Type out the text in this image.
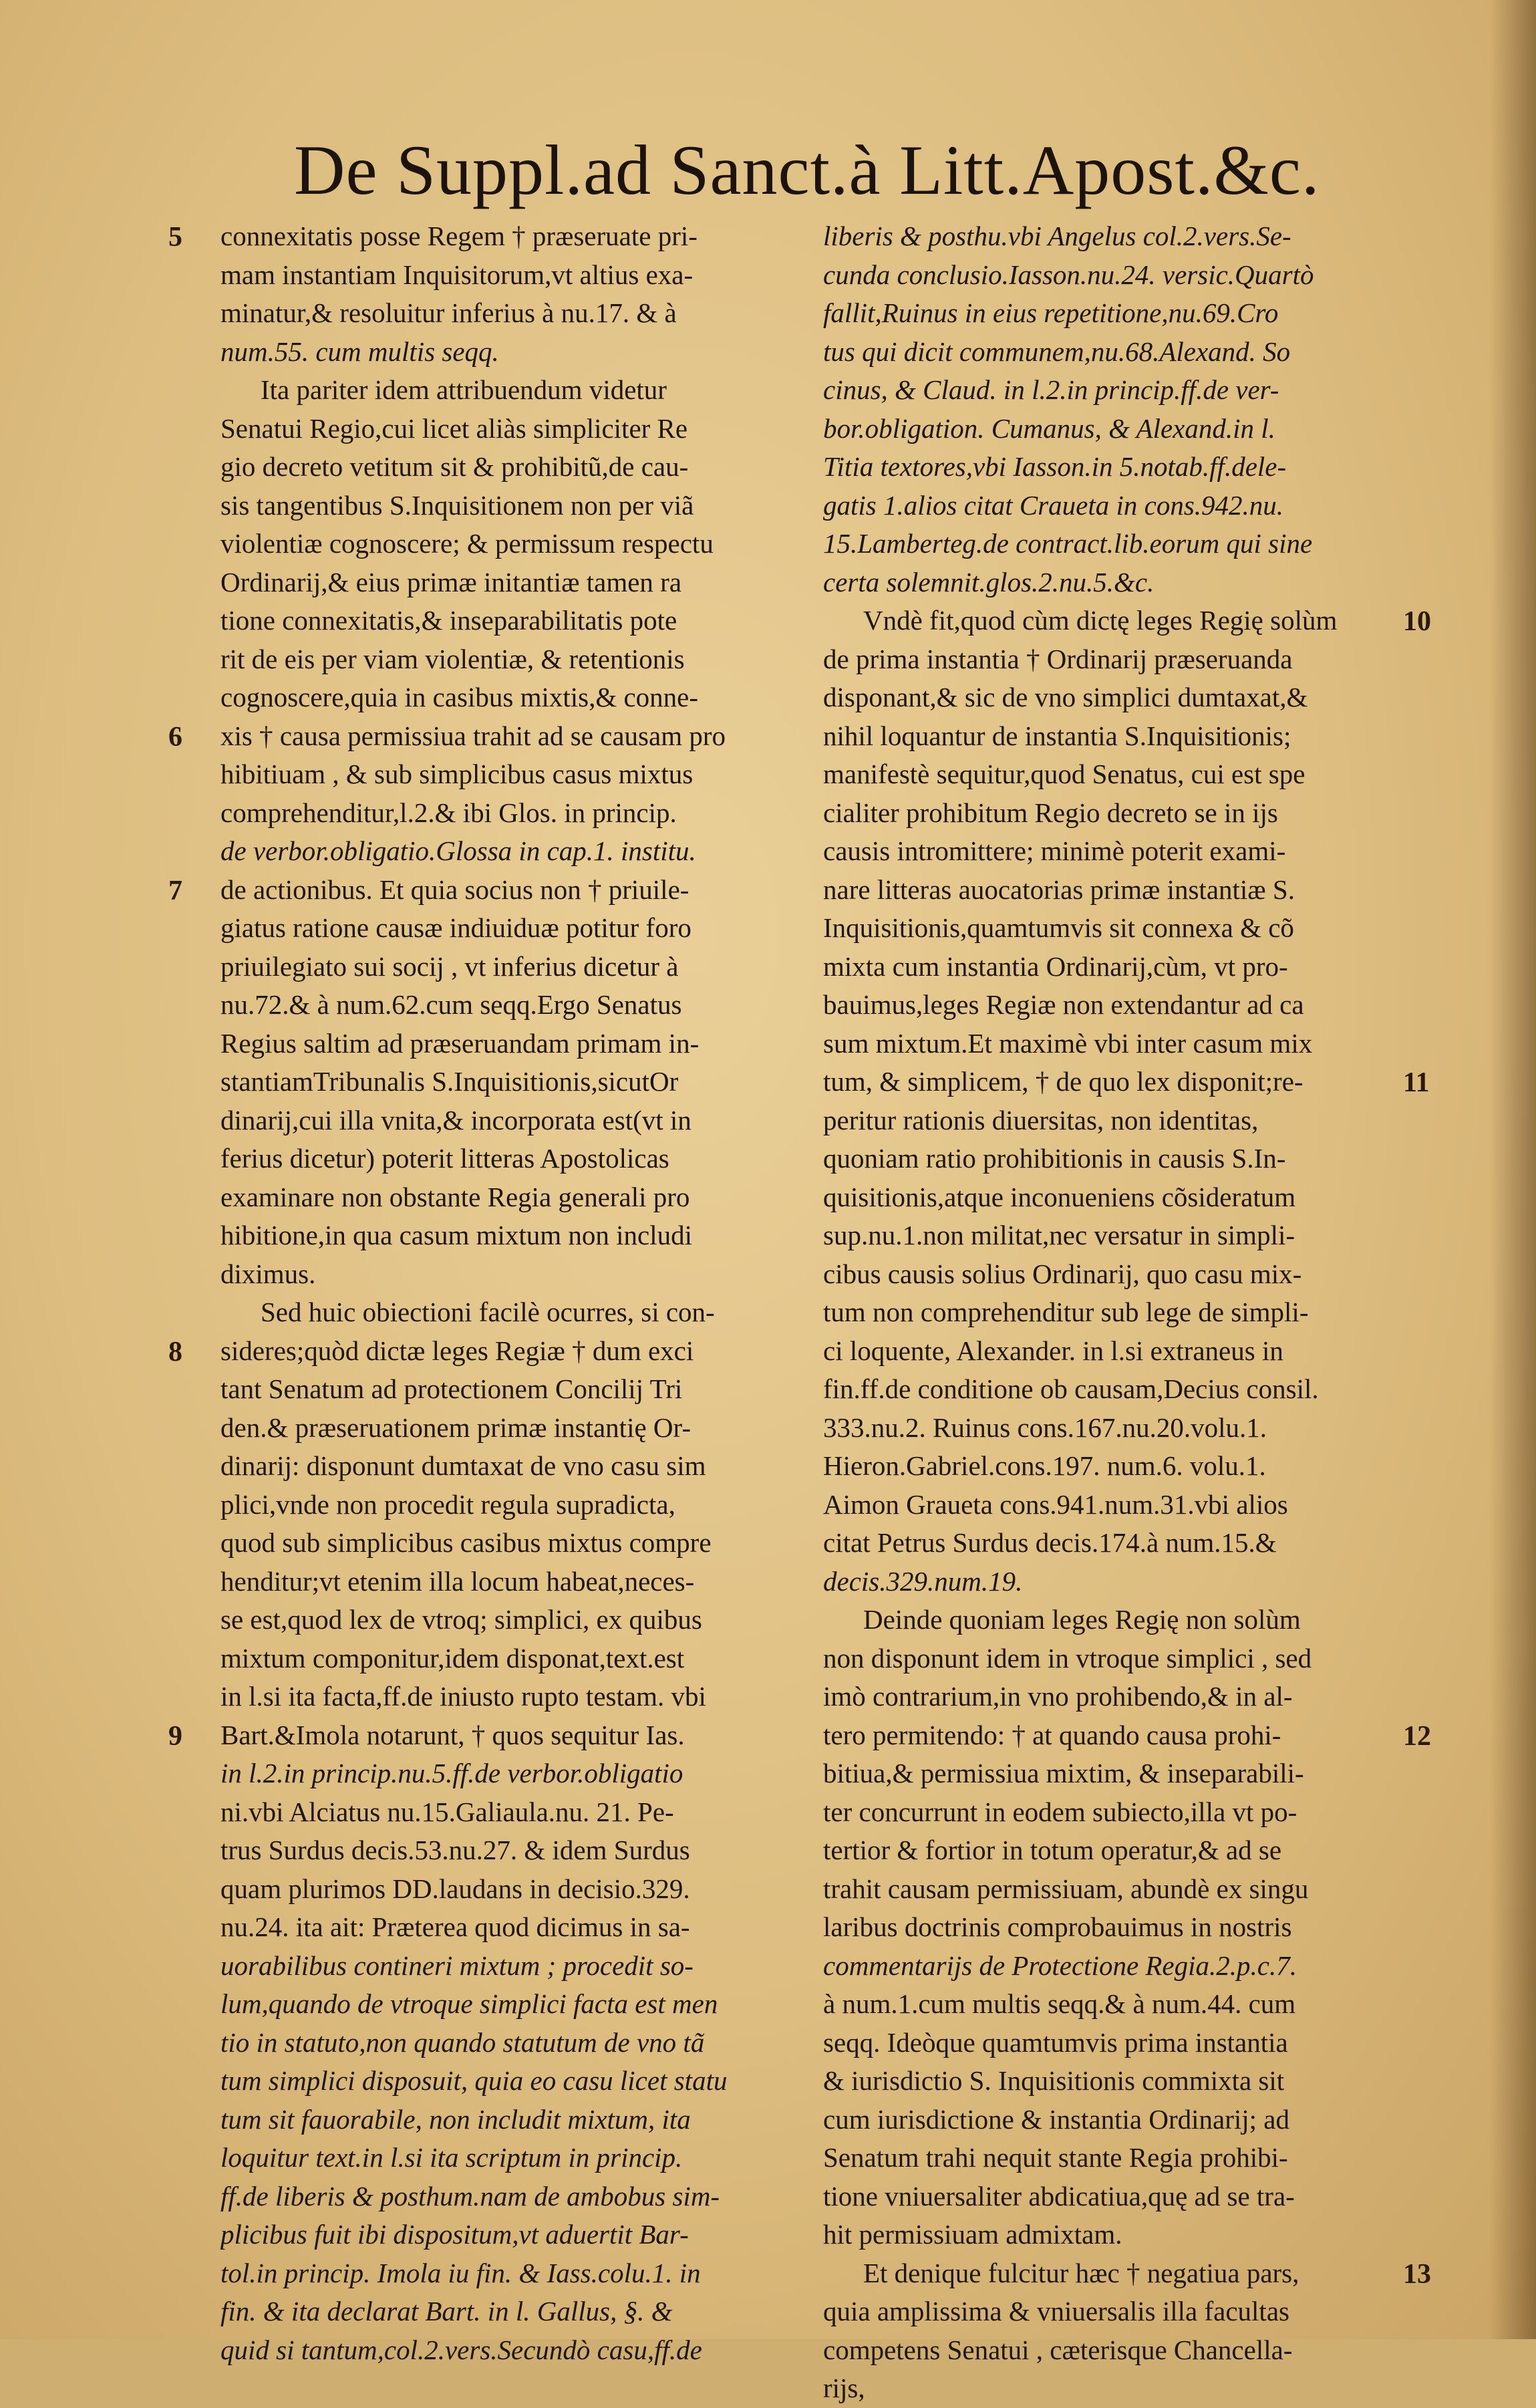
De Suppl.ad Sanct.à Litt.Apost.&c.
connexitatis posse Regem † præseruate pri-
mam instantiam Inquisitorum,vt altius exa-
minatur,& resoluitur inferius à nu.17. & à
num.55. cum multis seqq.
Ita pariter idem attribuendum videtur
Senatui Regio,cui licet aliàs simpliciter Re
gio decreto vetitum sit & prohibitũ,de cau-
sis tangentibus S.Inquisitionem non per viã
violentiæ cognoscere; & permissum respectu
Ordinarij,& eius primæ initantiæ tamen ra
tione connexitatis,& inseparabilitatis pote
rit de eis per viam violentiæ, & retentionis
cognoscere,quia in casibus mixtis,& conne-
xis † causa permissiua trahit ad se causam pro
hibitiuam , & sub simplicibus casus mixtus
comprehenditur,l.2.& ibi Glos. in princip.
de verbor.obligatio.Glossa in cap.1. institu.
de actionibus. Et quia socius non † priuile-
giatus ratione causæ indiuiduæ potitur foro
priuilegiato sui socij , vt inferius dicetur à
nu.72.& à num.62.cum seqq.Ergo Senatus
Regius saltim ad præseruandam primam in-
stantiamTribunalis S.Inquisitionis,sicutOr
dinarij,cui illa vnita,& incorporata est(vt in
ferius dicetur) poterit litteras Apostolicas
examinare non obstante Regia generali pro
hibitione,in qua casum mixtum non includi
diximus.
Sed huic obiectioni facilè ocurres, si con-
sideres;quòd dictæ leges Regiæ † dum exci
tant Senatum ad protectionem Concilij Tri
den.& præseruationem primæ instantię Or-
dinarij: disponunt dumtaxat de vno casu sim
plici,vnde non procedit regula supradicta,
quod sub simplicibus casibus mixtus compre
henditur;vt etenim illa locum habeat,neces-
se est,quod lex de vtroq; simplici, ex quibus
mixtum componitur,idem disponat,text.est
in l.si ita facta,ff.de iniusto rupto testam. vbi
Bart.&Imola notarunt, † quos sequitur Ias.
in l.2.in princip.nu.5.ff.de verbor.obligatio
ni.vbi Alciatus nu.15.Galiaula.nu. 21. Pe-
trus Surdus decis.53.nu.27. & idem Surdus
quam plurimos DD.laudans in decisio.329.
nu.24. ita ait: Præterea quod dicimus in sa-
uorabilibus contineri mixtum ; procedit so-
lum,quando de vtroque simplici facta est men
tio in statuto,non quando statutum de vno tã
tum simplici disposuit, quia eo casu licet statu
tum sit fauorabile, non includit mixtum, ita
loquitur text.in l.si ita scriptum in princip.
ff.de liberis & posthum.nam de ambobus sim-
plicibus fuit ibi dispositum,vt aduertit Bar-
tol.in princip. Imola iu fin. & Iass.colu.1. in
fin. & ita declarat Bart. in l. Gallus, §. &
quid si tantum,col.2.vers.Secundò casu,ff.de
liberis & posthu.vbi Angelus col.2.vers.Se-
cunda conclusio.Iasson.nu.24. versic.Quartò
fallit,Ruinus in eius repetitione,nu.69.Cro
tus qui dicit communem,nu.68.Alexand. So
cinus, & Claud. in l.2.in princip.ff.de ver-
bor.obligation. Cumanus, & Alexand.in l.
Titia textores,vbi Iasson.in 5.notab.ff.dele-
gatis 1.alios citat Craueta in cons.942.nu.
15.Lamberteg.de contract.lib.eorum qui sine
certa solemnit.glos.2.nu.5.&c.
Vndè fit,quod cùm dictę leges Regię solùm
de prima instantia † Ordinarij præseruanda
disponant,& sic de vno simplici dumtaxat,&
nihil loquantur de instantia S.Inquisitionis;
manifestè sequitur,quod Senatus, cui est spe
cialiter prohibitum Regio decreto se in ijs
causis intromittere; minimè poterit exami-
nare litteras auocatorias primæ instantiæ S.
Inquisitionis,quamtumvis sit connexa & cõ
mixta cum instantia Ordinarij,cùm, vt pro-
bauimus,leges Regiæ non extendantur ad ca
sum mixtum.Et maximè vbi inter casum mix
tum, & simplicem, † de quo lex disponit;re-
peritur rationis diuersitas, non identitas,
quoniam ratio prohibitionis in causis S.In-
quisitionis,atque inconueniens cõsideratum
sup.nu.1.non militat,nec versatur in simpli-
cibus causis solius Ordinarij, quo casu mix-
tum non comprehenditur sub lege de simpli-
ci loquente, Alexander. in l.si extraneus in
fin.ff.de conditione ob causam,Decius consil.
333.nu.2. Ruinus cons.167.nu.20.volu.1.
Hieron.Gabriel.cons.197. num.6. volu.1.
Aimon Graueta cons.941.num.31.vbi alios
citat Petrus Surdus decis.174.à num.15.&
decis.329.num.19.
Deinde quoniam leges Regię non solùm
non disponunt idem in vtroque simplici , sed
imò contrarium,in vno prohibendo,& in al-
tero permitendo: † at quando causa prohi-
bitiua,& permissiua mixtim, & inseparabili-
ter concurrunt in eodem subiecto,illa vt po-
tertior & fortior in totum operatur,& ad se
trahit causam permissiuam, abundè ex singu
laribus doctrinis comprobauimus in nostris
commentarijs de Protectione Regia.2.p.c.7.
à num.1.cum multis seqq.& à num.44. cum
seqq. Ideòque quamtumvis prima instantia
& iurisdictio S. Inquisitionis commixta sit
cum iurisdictione & instantia Ordinarij; ad
Senatum trahi nequit stante Regia prohibi-
tione vniuersaliter abdicatiua,quę ad se tra-
hit permissiuam admixtam.
Et denique fulcitur hæc † negatiua pars,
quia amplissima & vniuersalis illa facultas
competens Senatui , cæterisque Chancella-
rijs,
5
6
7
8
9
10
11
12
13
